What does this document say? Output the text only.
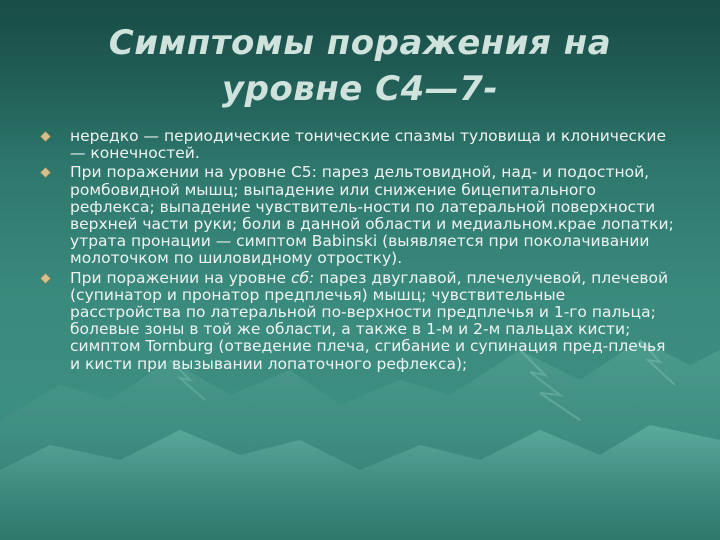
Симптомы поражения на
уровне С4—7-
нередко — периодические тонические спазмы туловища и клонические — конечностей.
При поражении на уровне С5: парез дельтовидной, над- и подостной, ромбовидной мышц; выпадение или снижение бицепитального рефлекса; выпадение чувствитель-ности по латеральной поверхности верхней части руки; боли в данной области и медиальном.крае лопатки; утрата пронации — симптом Babinski (выявляется при поколачивании молоточком по шиловидному отростку).
При поражении на уровне сб: парез двуглавой, плечелучевой, плечевой (супинатор и пронатор предплечья) мышц; чувствительные расстройства по латеральной по-верхности предплечья и 1-го пальца; болевые зоны в той же области, а также в 1-м и 2-м пальцах кисти; симптом Tornburg (отведение плеча, сгибание и супинация пред-плечья и кисти при вызывании лопаточного рефлекса);
